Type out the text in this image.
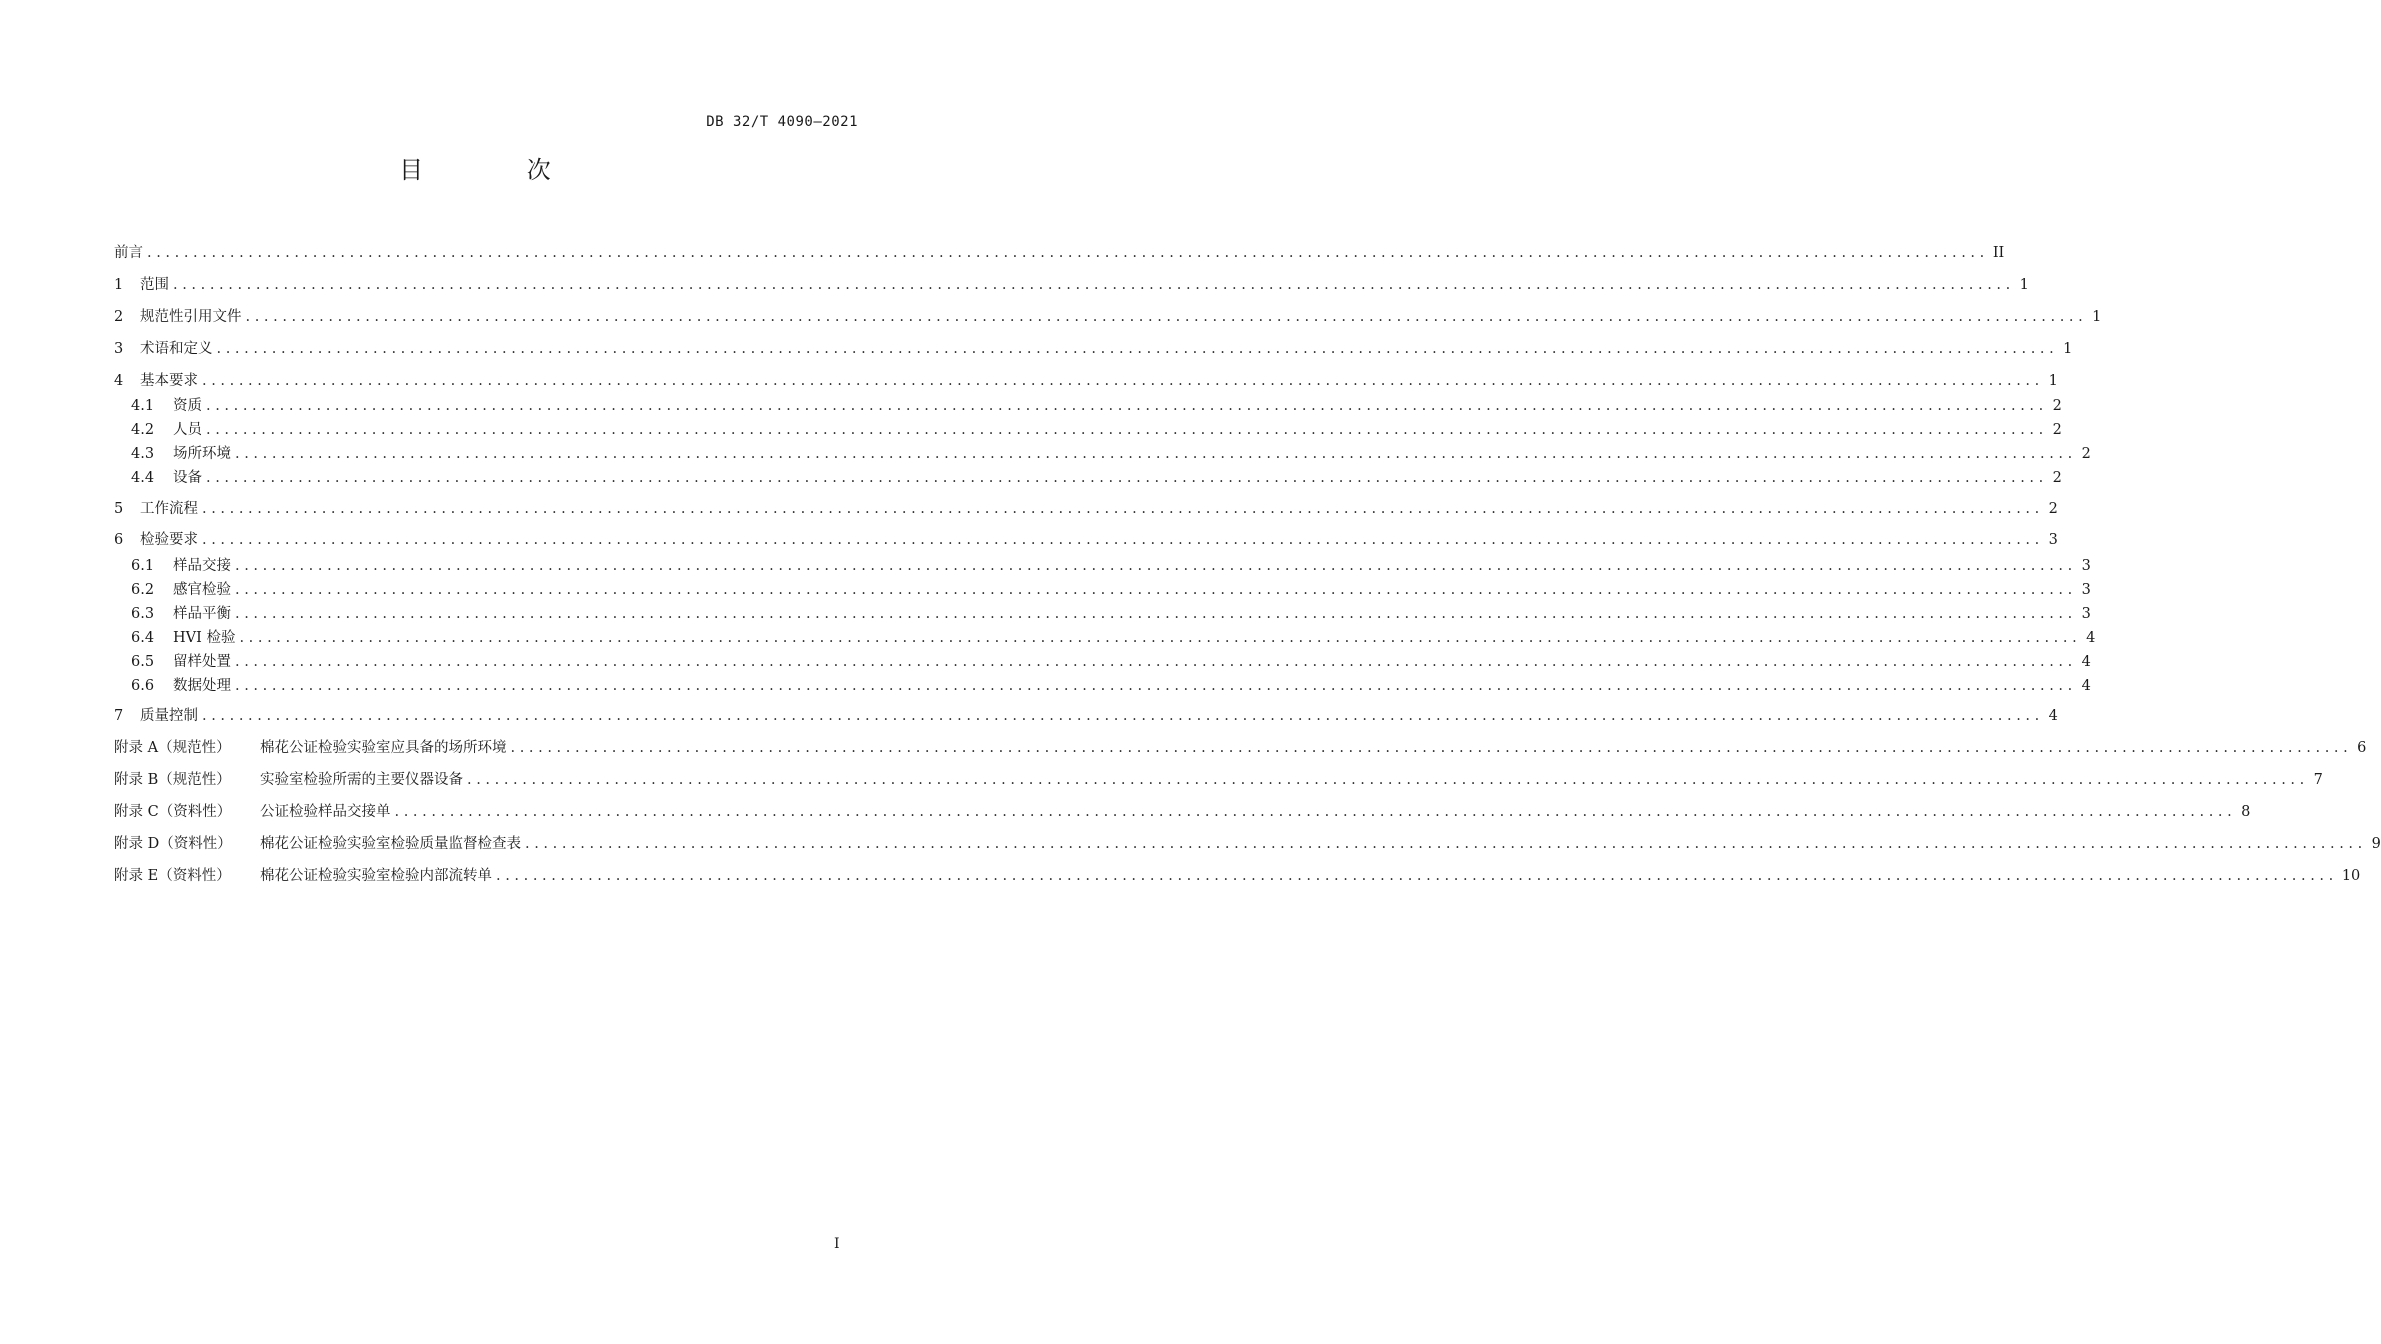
DB 32/T 4090—2021
目 次
前言 ........................................................................................................................................................................................................ II
1	范围 ........................................................................................................................................................................................................ 1
2	规范性引用文件 ........................................................................................................................................................................................................ 1
3	术语和定义 ........................................................................................................................................................................................................ 1
4	基本要求 ........................................................................................................................................................................................................ 1
4.1	资质 ........................................................................................................................................................................................................ 2
4.2	人员 ........................................................................................................................................................................................................ 2
4.3	场所环境 ........................................................................................................................................................................................................ 2
4.4	设备 ........................................................................................................................................................................................................ 2
5	工作流程 ........................................................................................................................................................................................................ 2
6	检验要求 ........................................................................................................................................................................................................ 3
6.1	样品交接 ........................................................................................................................................................................................................ 3
6.2	感官检验 ........................................................................................................................................................................................................ 3
6.3	样品平衡 ........................................................................................................................................................................................................ 3
6.4	HVI 检验 ........................................................................................................................................................................................................ 4
6.5	留样处置 ........................................................................................................................................................................................................ 4
6.6	数据处理 ........................................................................................................................................................................................................ 4
7	质量控制 ........................................................................................................................................................................................................ 4
附录 A（规范性）	棉花公证检验实验室应具备的场所环境 ........................................................................................................................................................................................................ 6
附录 B（规范性）	实验室检验所需的主要仪器设备 ........................................................................................................................................................................................................ 7
附录 C（资料性）	公证检验样品交接单 ........................................................................................................................................................................................................ 8
附录 D（资料性）	棉花公证检验实验室检验质量监督检查表 ........................................................................................................................................................................................................ 9
附录 E（资料性）	棉花公证检验实验室检验内部流转单 ........................................................................................................................................................................................................ 10
I
